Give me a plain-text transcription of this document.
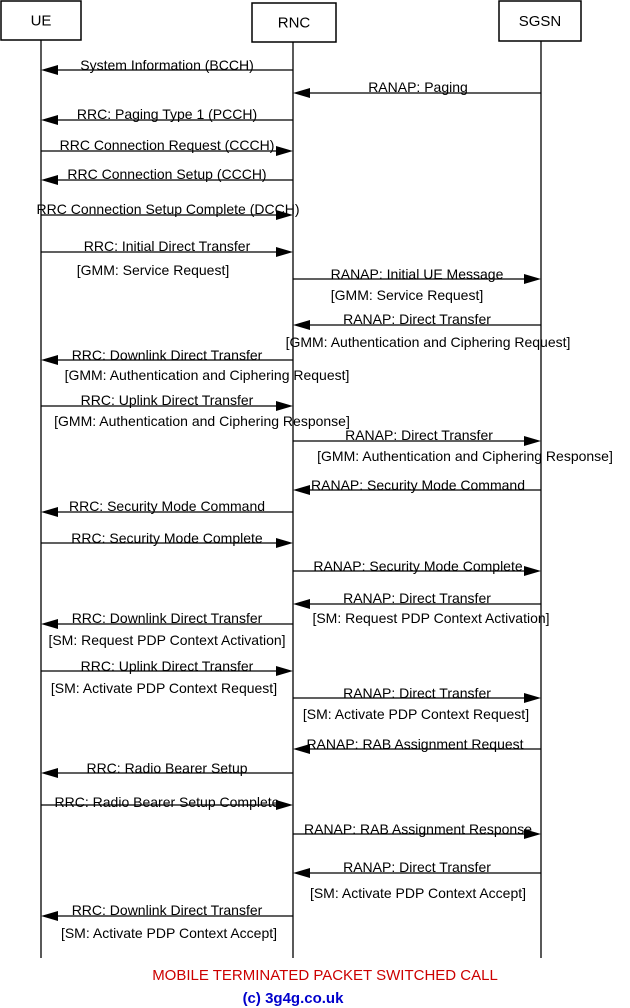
UE	RNC	SGSN
System Information (BCCH)
RANAP: Paging
RRC: Paging Type 1 (PCCH)
RRC Connection Request (CCCH)
RRC Connection Setup (CCCH)
RRC Connection Setup Complete (DCCH)
RRC: Initial Direct Transfer
[GMM: Service Request]	RANAP: Initial UE Message
[GMM: Service Request]
RANAP: Direct Transfer
[GMM: Authentication and Ciphering Request]
RRC: Downlink Direct Transfer
[GMM: Authentication and Ciphering Request]
RRC: Uplink Direct Transfer
[GMM: Authentication and Ciphering Response]
RANAP: Direct Transfer
[GMM: Authentication and Ciphering Response]
RANAP: Security Mode Command
RRC: Security Mode Command
RRC: Security Mode Complete
RANAP: Security Mode Complete
RANAP: Direct Transfer
[SM: Request PDP Context Activation]
RRC: Downlink Direct Transfer
[SM: Request PDP Context Activation]
RRC: Uplink Direct Transfer
[SM: Activate PDP Context Request]	RANAP: Direct Transfer
[SM: Activate PDP Context Request]
RANAP: RAB Assignment Request
RRC: Radio Bearer Setup
RRC: Radio Bearer Setup Complete
RANAP: RAB Assignment Response
RANAP: Direct Transfer
[SM: Activate PDP Context Accept]
RRC: Downlink Direct Transfer
[SM: Activate PDP Context Accept]
MOBILE TERMINATED PACKET SWITCHED CALL
(c) 3g4g.co.uk
